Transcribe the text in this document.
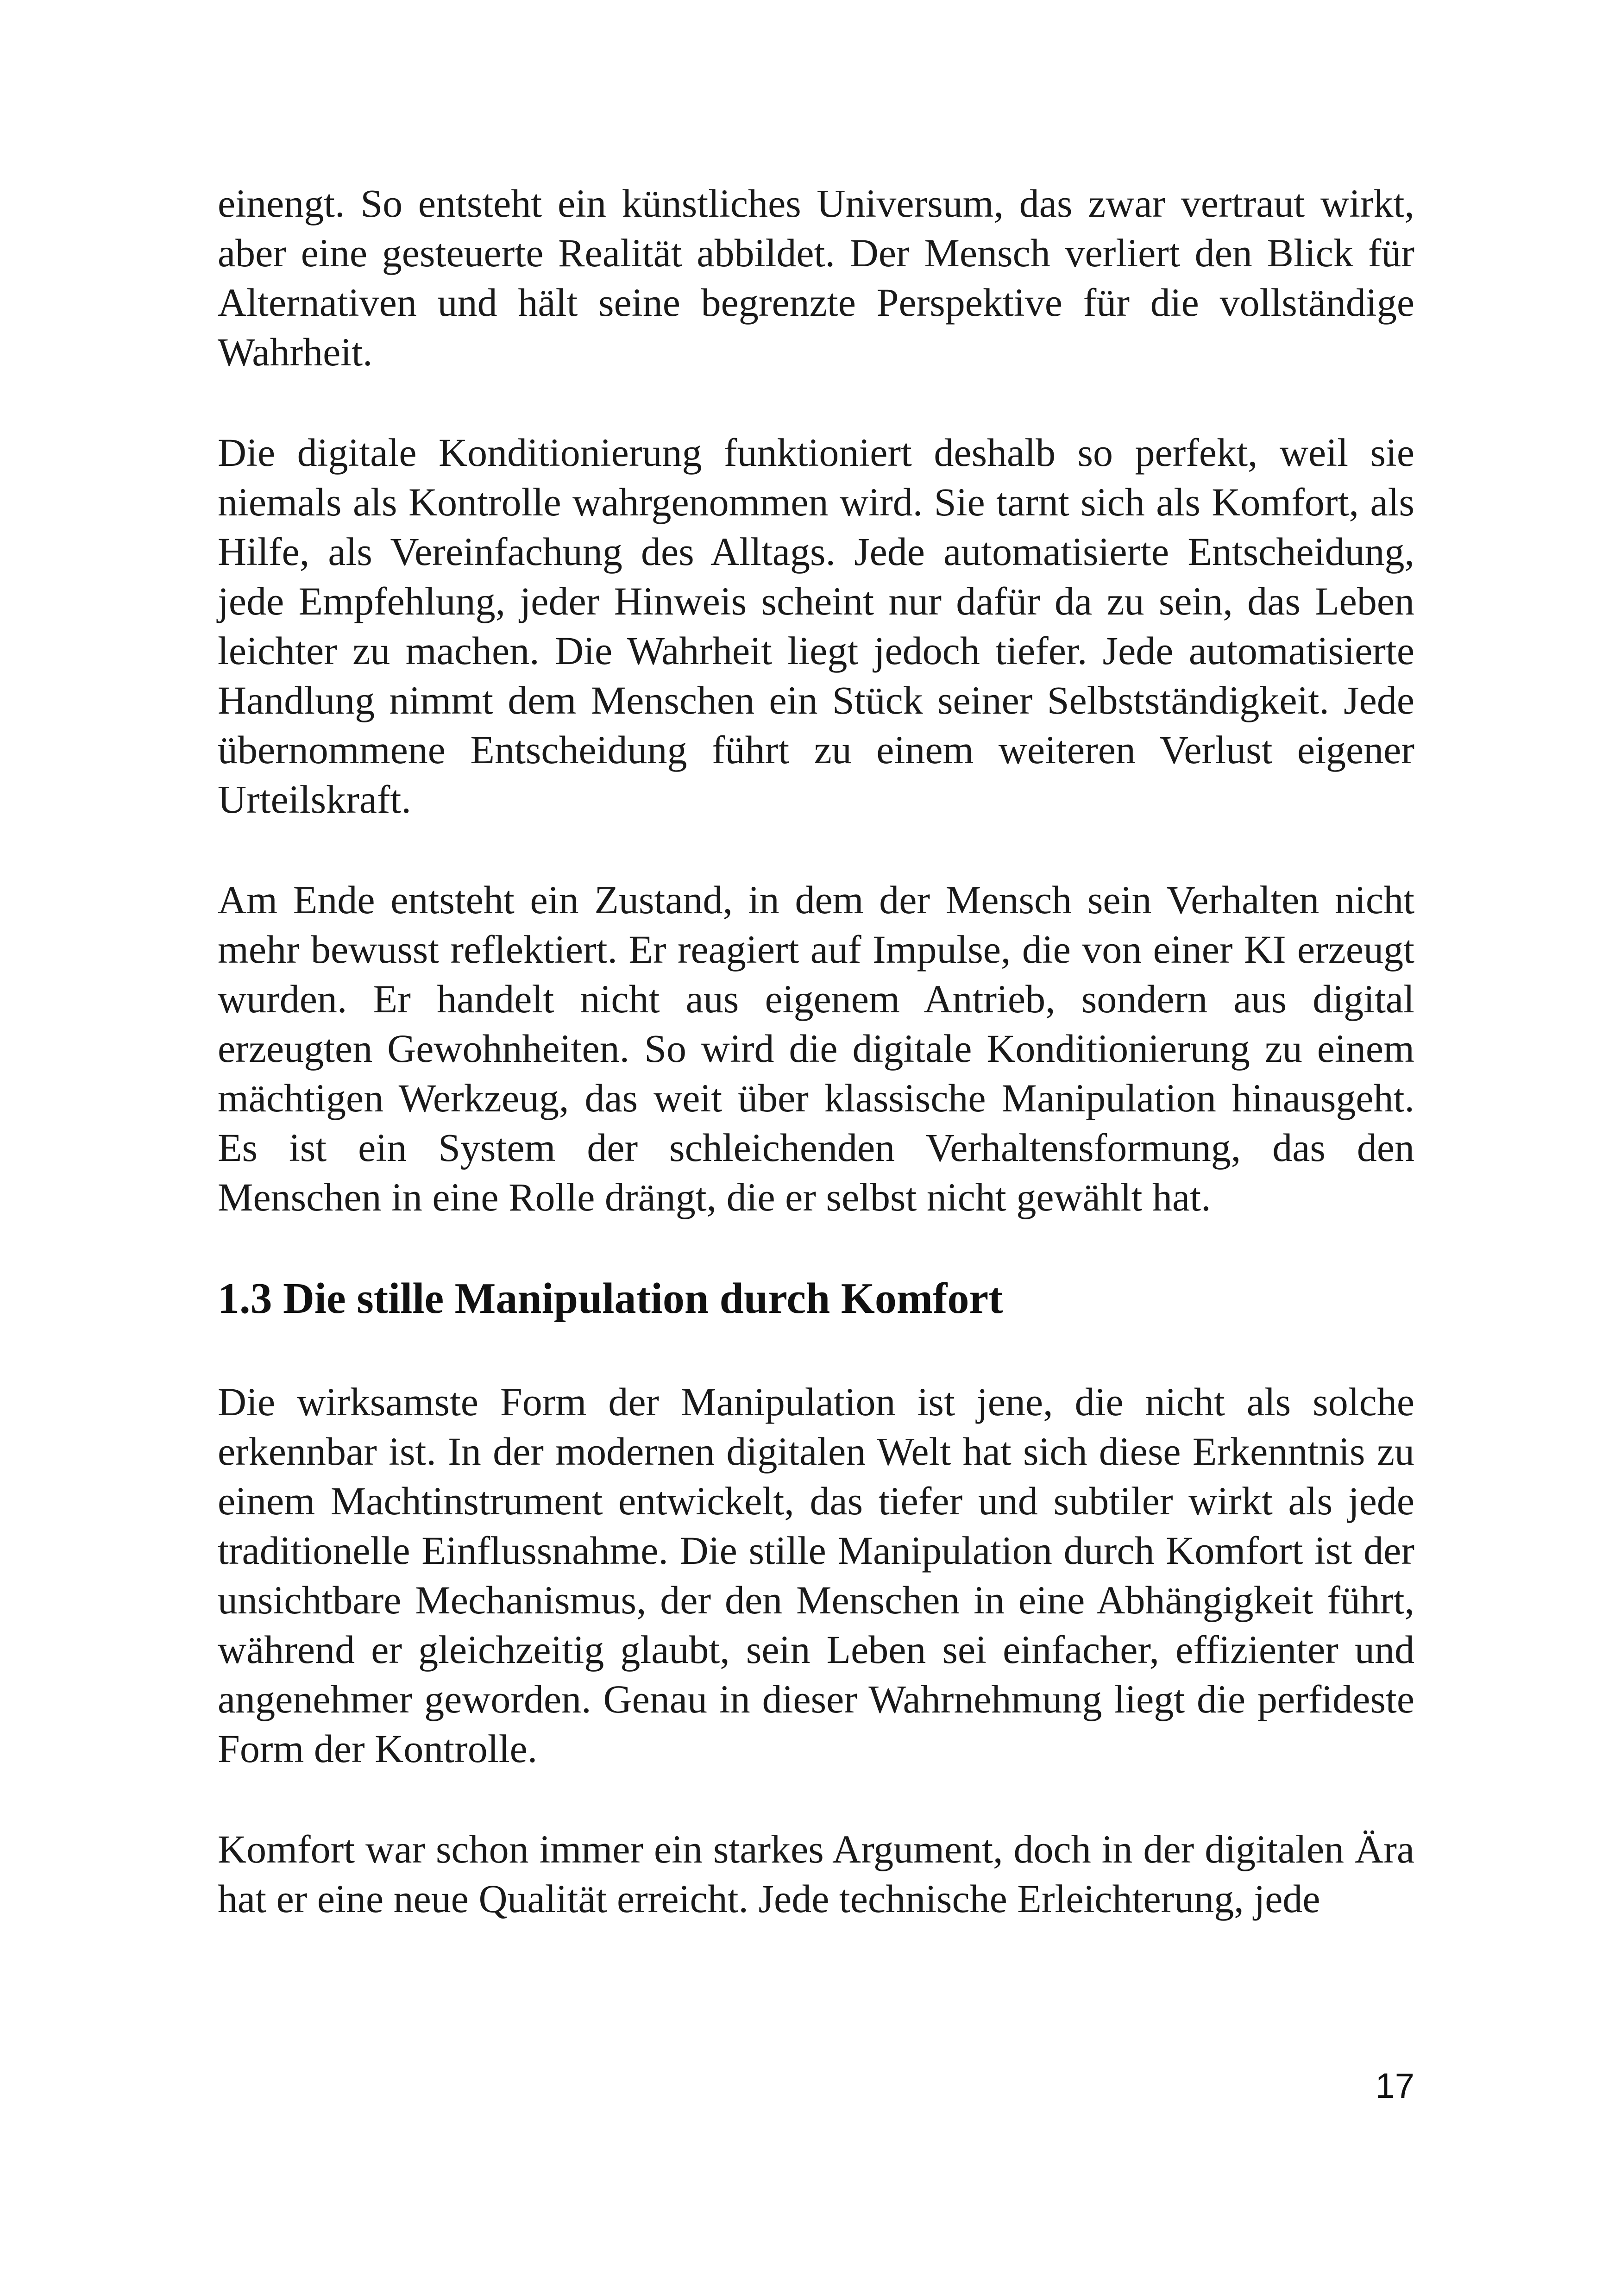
einengt. So entsteht ein künstliches Universum, das zwar vertraut wirkt, aber eine gesteuerte Realität abbildet. Der Mensch verliert den Blick für Alternativen und hält seine begrenzte Perspektive für die vollständige Wahrheit.

Die digitale Konditionierung funktioniert deshalb so perfekt, weil sie niemals als Kontrolle wahrgenommen wird. Sie tarnt sich als Komfort, als Hilfe, als Vereinfachung des Alltags. Jede automatisierte Entscheidung, jede Empfehlung, jeder Hinweis scheint nur dafür da zu sein, das Leben leichter zu machen. Die Wahrheit liegt jedoch tiefer. Jede automatisierte Handlung nimmt dem Menschen ein Stück seiner Selbstständigkeit. Jede übernommene Entscheidung führt zu einem weiteren Verlust eigener Urteilskraft.

Am Ende entsteht ein Zustand, in dem der Mensch sein Verhalten nicht mehr bewusst reflektiert. Er reagiert auf Impulse, die von einer KI erzeugt wurden. Er handelt nicht aus eigenem Antrieb, sondern aus digital erzeugten Gewohnheiten. So wird die digitale Konditionierung zu einem mächtigen Werkzeug, das weit über klassische Manipulation hinausgeht. Es ist ein System der schleichenden Verhaltensformung, das den Menschen in eine Rolle drängt, die er selbst nicht gewählt hat.

1.3 Die stille Manipulation durch Komfort

Die wirksamste Form der Manipulation ist jene, die nicht als solche erkennbar ist. In der modernen digitalen Welt hat sich diese Erkenntnis zu einem Machtinstrument entwickelt, das tiefer und subtiler wirkt als jede traditionelle Einflussnahme. Die stille Manipulation durch Komfort ist der unsichtbare Mechanismus, der den Menschen in eine Abhängigkeit führt, während er gleichzeitig glaubt, sein Leben sei einfacher, effizienter und angenehmer geworden. Genau in dieser Wahrnehmung liegt die perfideste Form der Kontrolle.

Komfort war schon immer ein starkes Argument, doch in der digitalen Ära hat er eine neue Qualität erreicht. Jede technische Erleichterung, jede

17
